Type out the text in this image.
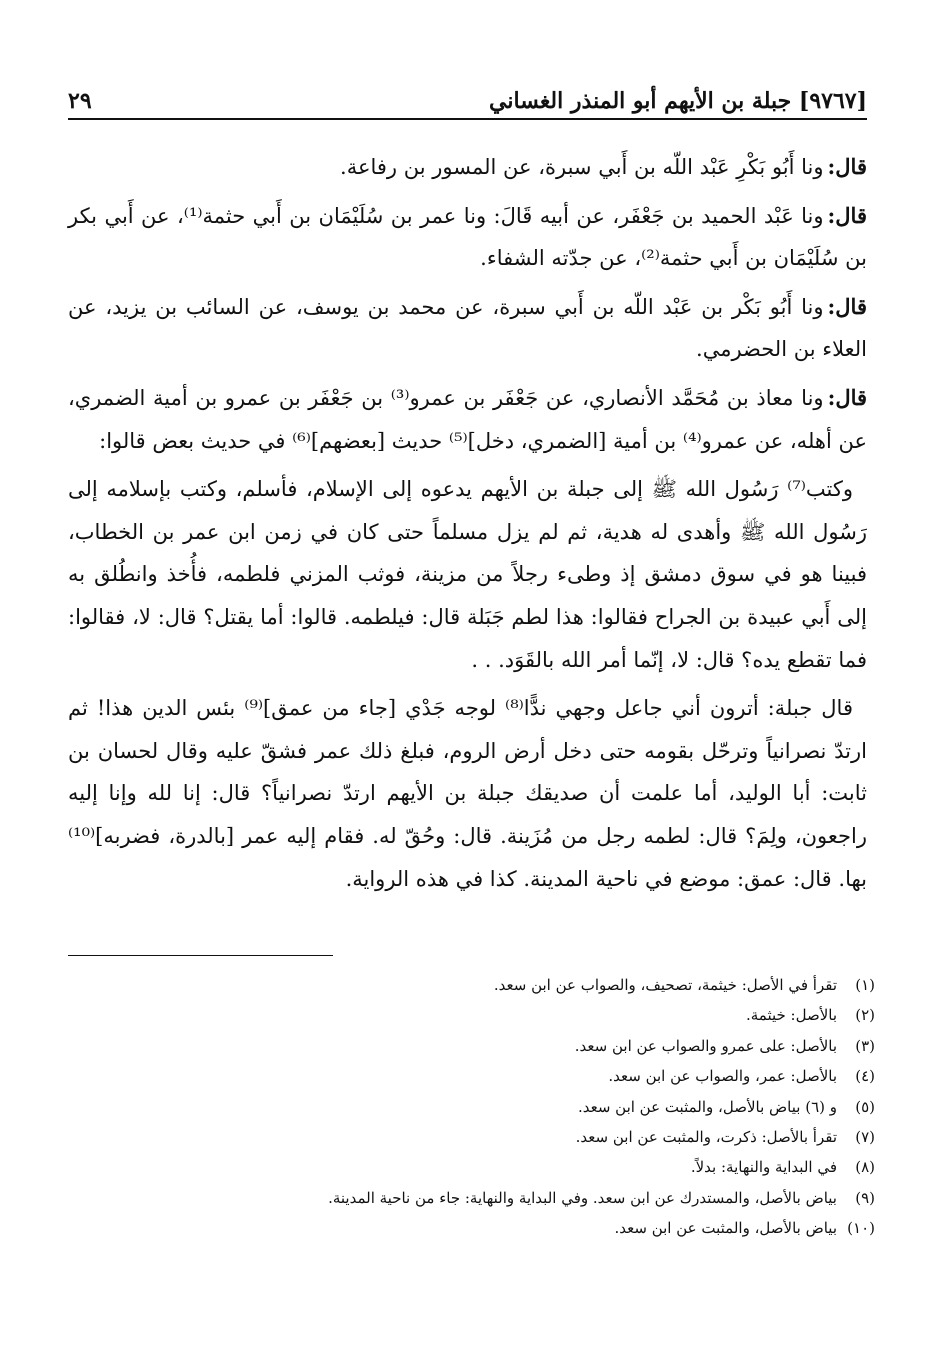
[٩٧٦٧] جبلة بن الأيهم أبو المنذر الغساني
٢٩

قال:ونا أَبُو بَكْرِ عَبْد اللّه بن أَبي سبرة، عن المسور بن رفاعة.

قال:ونا عَبْد الحميد بن جَعْفَر، عن أبيه قَالَ: ونا عمر بن سُلَيْمَان بن أَبي حثمة⁽¹⁾، عن أَبي بكر بن سُلَيْمَان بن أَبي حثمة⁽²⁾، عن جدّته الشفاء.

قال:ونا أَبُو بَكْر بن عَبْد اللّه بن أَبي سبرة، عن محمد بن يوسف، عن السائب بن يزيد، عن العلاء بن الحضرمي.

قال:ونا معاذ بن مُحَمَّد الأنصاري، عن جَعْفَر بن عمرو⁽³⁾ بن جَعْفَر بن عمرو بن أمية الضمري، عن أهله، عن عمرو⁽⁴⁾ بن أمية [الضمري، دخل]⁽⁵⁾ حديث [بعضهم]⁽⁶⁾ في حديث بعض قالوا:

وكتب⁽⁷⁾ رَسُول الله ﷺ إلى جبلة بن الأيهم يدعوه إلى الإسلام، فأسلم، وكتب بإسلامه إلى رَسُول الله ﷺ وأهدى له هدية، ثم لم يزل مسلماً حتى كان في زمن ابن عمر بن الخطاب، فبينا هو في سوق دمشق إذ وطىء رجلاً من مزينة، فوثب المزني فلطمه، فأُخذ وانطُلق به إلى أَبي عبيدة بن الجراح فقالوا: هذا لطم جَبَلة قال: فيلطمه. قالوا: أما يقتل؟ قال: لا، فقالوا: فما تقطع يده؟ قال: لا، إنّما أمر الله بالقَوَد. . .

قال جبلة: أترون أني جاعل وجهي ندًّا⁽⁸⁾ لوجه جَدْي [جاء من عمق]⁽⁹⁾ بئس الدين هذا! ثم ارتدّ نصرانياً وترحّل بقومه حتى دخل أرض الروم، فبلغ ذلك عمر فشقّ عليه وقال لحسان بن ثابت: أبا الوليد، أما علمت أن صديقك جبلة بن الأيهم ارتدّ نصرانياً؟ قال: إنا لله وإنا إليه راجعون، ولِمَ؟ قال: لطمه رجل من مُزَينة. قال: وحُقّ له. فقام إليه عمر [بالدرة، فضربه]⁽¹⁰⁾ بها. قال: عمق: موضع في ناحية المدينة. كذا في هذه الرواية.

(١)
تقرأ في الأصل: خيثمة، تصحيف، والصواب عن ابن سعد.
(٢)
بالأصل: خيثمة.
(٣)
بالأصل: على عمرو والصواب عن ابن سعد.
(٤)
بالأصل: عمر، والصواب عن ابن سعد.
(٥)
و (٦) بياض بالأصل، والمثبت عن ابن سعد.
(٧)
تقرأ بالأصل: ذكرت، والمثبت عن ابن سعد.
(٨)
في البداية والنهاية: بدلاً.
(٩)
بياض بالأصل، والمستدرك عن ابن سعد. وفي البداية والنهاية: جاء من ناحية المدينة.
(١٠)
بياض بالأصل، والمثبت عن ابن سعد.
